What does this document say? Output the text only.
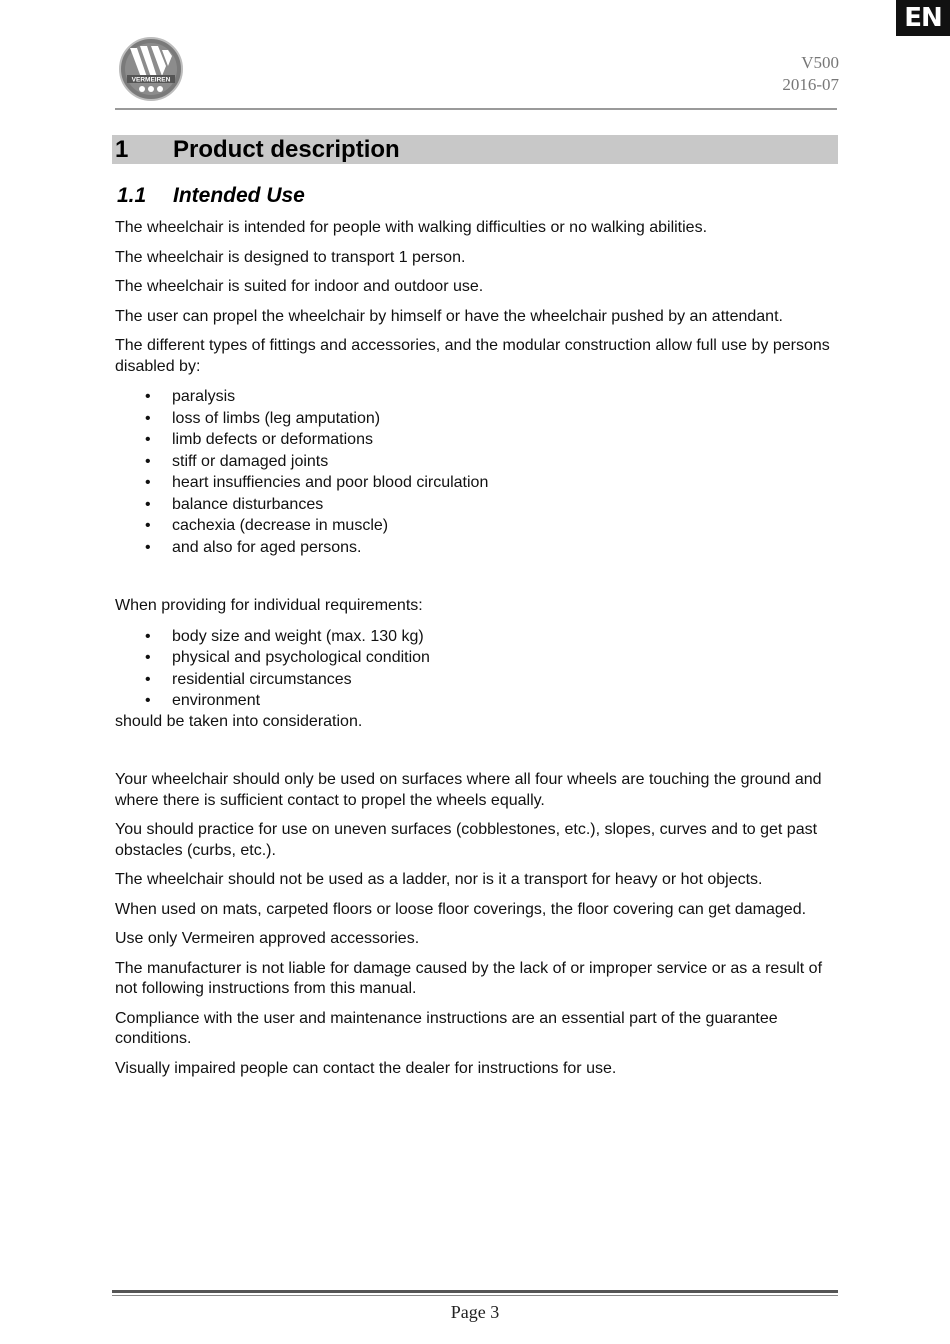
EN
VERMEIREN
V500
2016-07
1 Product description
1.1 Intended Use

The wheelchair is intended for people with walking difficulties or no walking abilities.

The wheelchair is designed to transport 1 person.

The wheelchair is suited for indoor and outdoor use.

The user can propel the wheelchair by himself or have the wheelchair pushed by an attendant.

The different types of fittings and accessories, and the modular construction allow full use by persons disabled by:

• paralysis
• loss of limbs (leg amputation)
• limb defects or deformations
• stiff or damaged joints
• heart insuffiencies and poor blood circulation
• balance disturbances
• cachexia (decrease in muscle)
• and also for aged persons.

When providing for individual requirements:

• body size and weight (max. 130 kg)
• physical and psychological condition
• residential circumstances
• environment

should be taken into consideration.

Your wheelchair should only be used on surfaces where all four wheels are touching the ground and where there is sufficient contact to propel the wheels equally.

You should practice for use on uneven surfaces (cobblestones, etc.), slopes, curves and to get past obstacles (curbs, etc.).

The wheelchair should not be used as a ladder, nor is it a transport for heavy or hot objects.

When used on mats, carpeted floors or loose floor coverings, the floor covering can get damaged.

Use only Vermeiren approved accessories.

The manufacturer is not liable for damage caused by the lack of or improper service or as a result of not following instructions from this manual.

Compliance with the user and maintenance instructions are an essential part of the guarantee conditions.

Visually impaired people can contact the dealer for instructions for use.

Page 3
